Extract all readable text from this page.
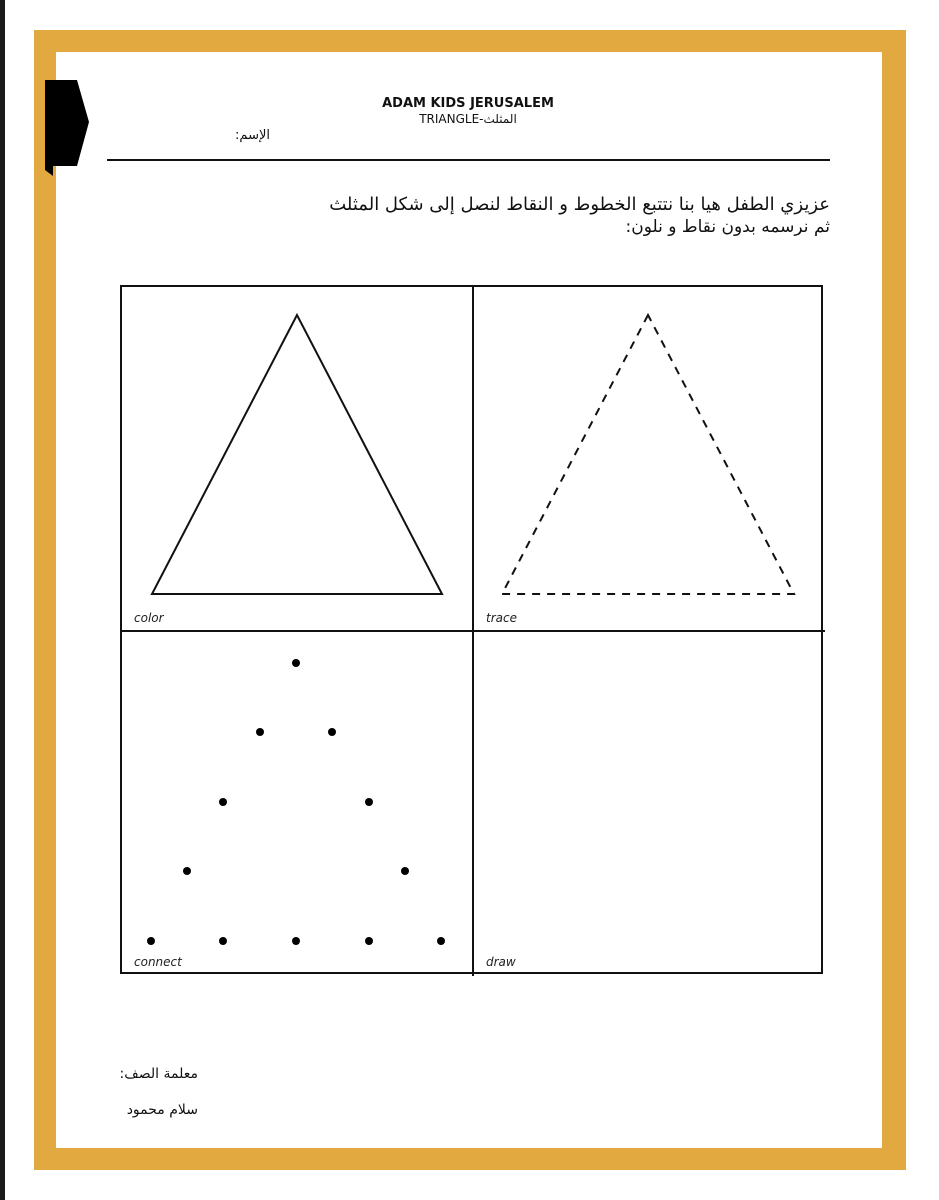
ADAM KIDS JERUSALEM
TRIANGLE-المثلث
الإسم:
عزيزي الطفل هيا بنا نتتبع الخطوط و النقاط لنصل إلى شكل المثلث
ثم نرسمه بدون نقاط و نلون:
color	trace
connect	draw
معلمة الصف:
سلام محمود
